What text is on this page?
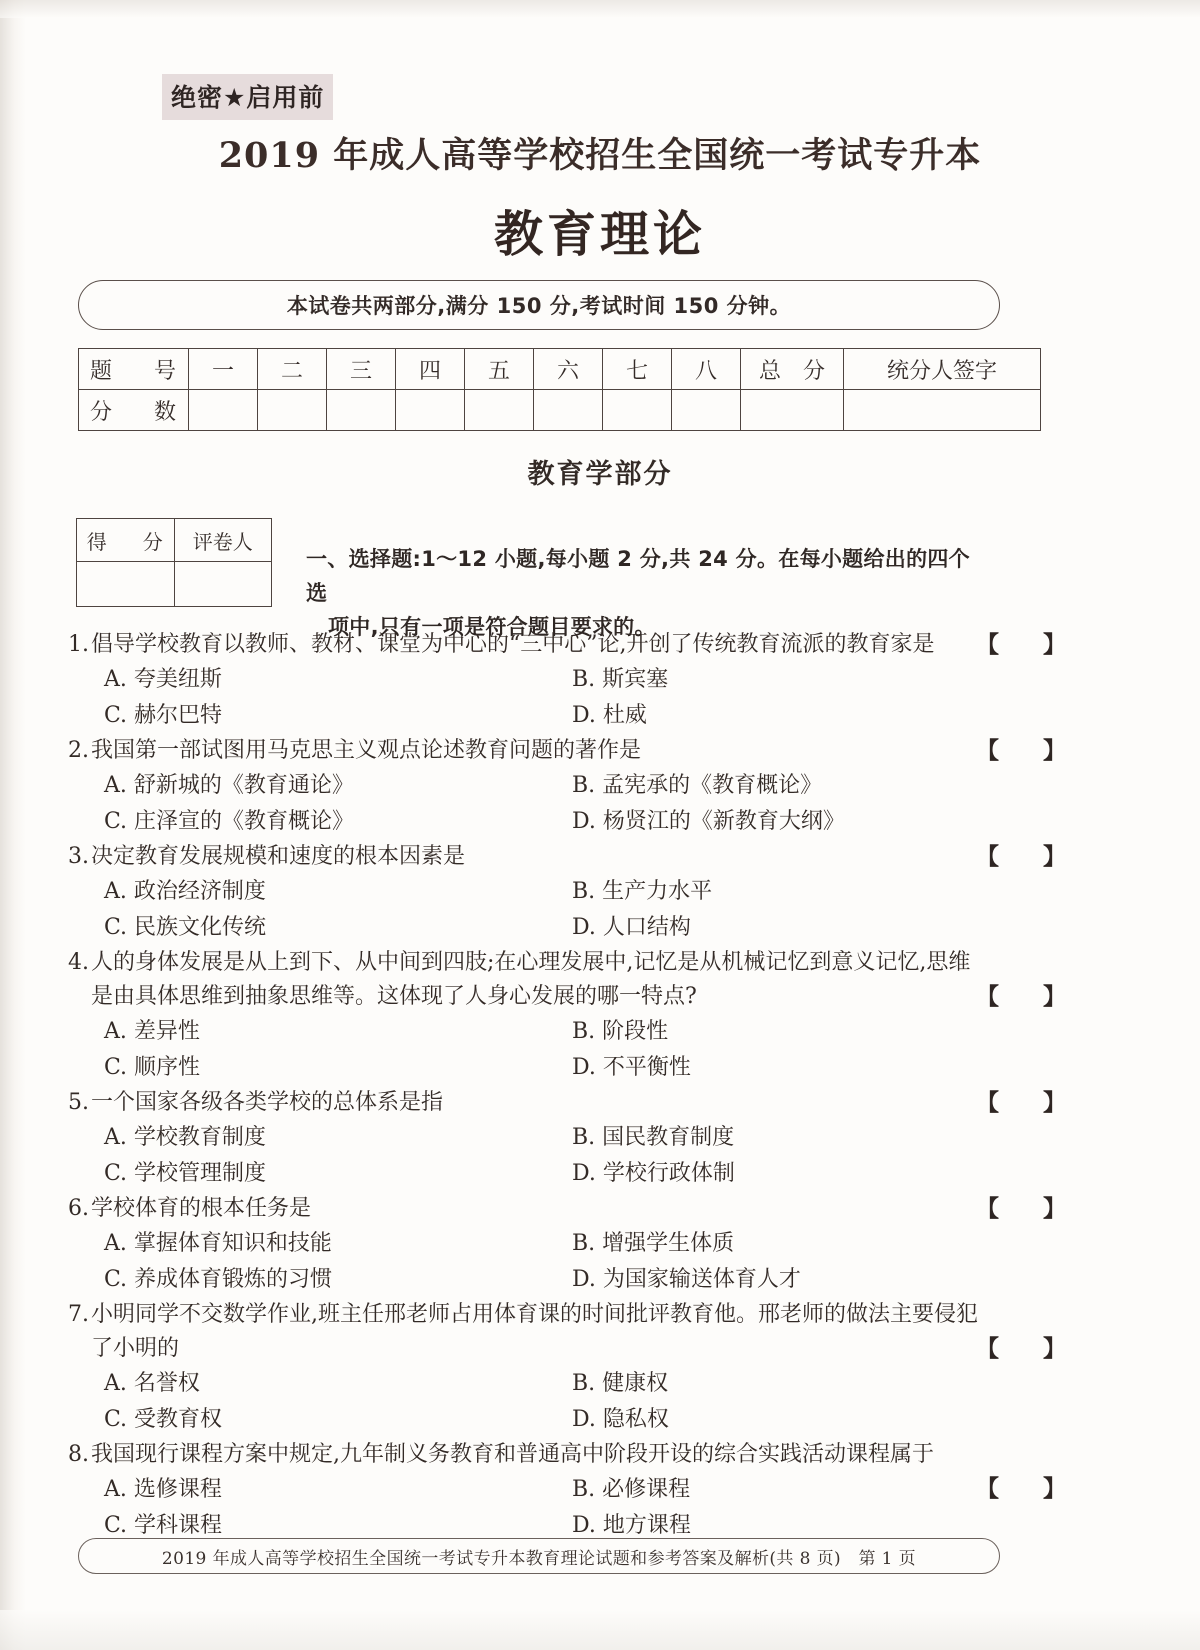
绝密★启用前
2019 年成人高等学校招生全国统一考试专升本
教育理论
本试卷共两部分,满分 150 分,考试时间 150 分钟。
题　号	一	二	三	四	五	六	七	八	总　分	统分人签字
分　数										
教育学部分
得　分	评卷人

一、选择题:1～12 小题,每小题 2 分,共 24 分。在每小题给出的四个选
项中,只有一项是符合题目要求的。
1. 倡导学校教育以教师、教材、课堂为中心的“三中心”论,开创了传统教育流派的教育家是	【 】
A. 夸美纽斯	B. 斯宾塞
C. 赫尔巴特	D. 杜威
2. 我国第一部试图用马克思主义观点论述教育问题的著作是	【 】
A. 舒新城的《教育通论》	B. 孟宪承的《教育概论》
C. 庄泽宣的《教育概论》	D. 杨贤江的《新教育大纲》
3. 决定教育发展规模和速度的根本因素是	【 】
A. 政治经济制度	B. 生产力水平
C. 民族文化传统	D. 人口结构
4. 人的身体发展是从上到下、从中间到四肢;在心理发展中,记忆是从机械记忆到意义记忆,思维
是由具体思维到抽象思维等。这体现了人身心发展的哪一特点?	【 】
A. 差异性	B. 阶段性
C. 顺序性	D. 不平衡性
5. 一个国家各级各类学校的总体系是指	【 】
A. 学校教育制度	B. 国民教育制度
C. 学校管理制度	D. 学校行政体制
6. 学校体育的根本任务是	【 】
A. 掌握体育知识和技能	B. 增强学生体质
C. 养成体育锻炼的习惯	D. 为国家输送体育人才
7. 小明同学不交数学作业,班主任邢老师占用体育课的时间批评教育他。邢老师的做法主要侵犯
了小明的	【 】
A. 名誉权	B. 健康权
C. 受教育权	D. 隐私权
8. 我国现行课程方案中规定,九年制义务教育和普通高中阶段开设的综合实践活动课程属于
【 】
A. 选修课程	B. 必修课程
C. 学科课程	D. 地方课程
2019 年成人高等学校招生全国统一考试专升本教育理论试题和参考答案及解析(共 8 页)　第 1 页
